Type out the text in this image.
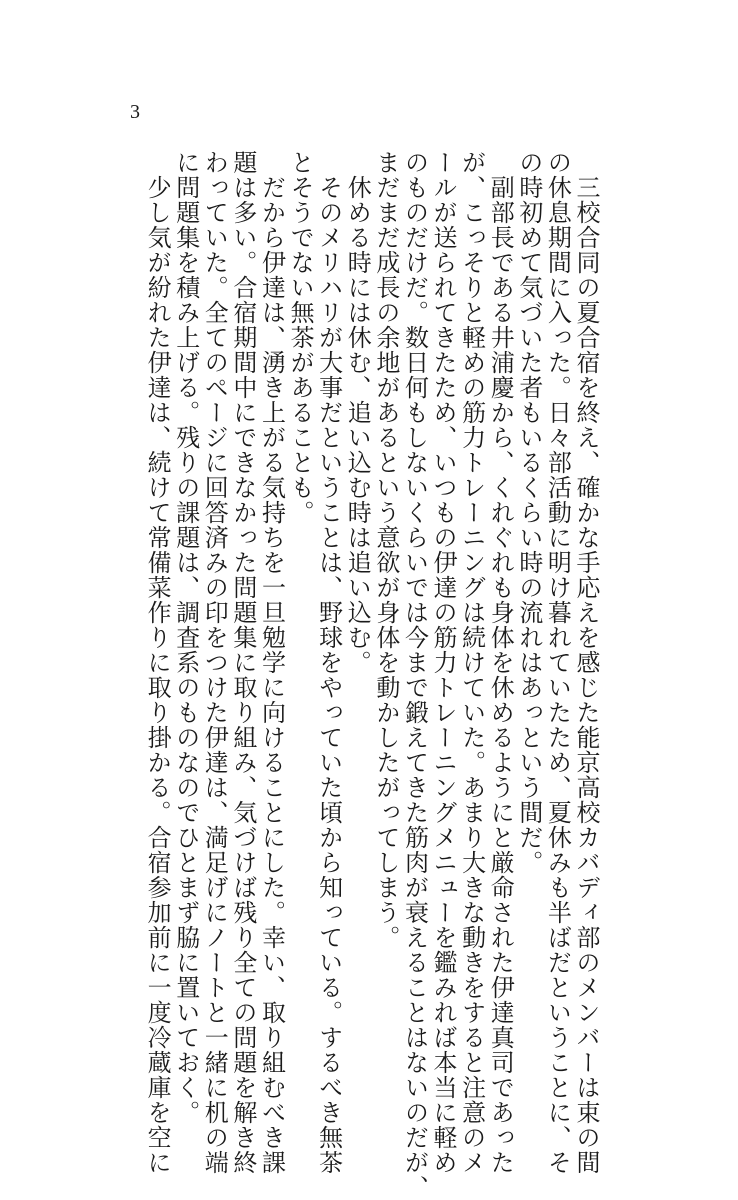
3
　三校合同の夏合宿を終え、確かな手応えを感じた能京高校カバディ部のメンバーは束の間
の休息期間に入った。日々部活動に明け暮れていたため、夏休みも半ばだということに、そ
の時初めて気づいた者もいるくらい時の流れはあっという間だ。
　副部長である井浦慶から、くれぐれも身体を休めるようにと厳命された伊達真司であった
が、こっそりと軽めの筋力トレーニングは続けていた。あまり大きな動きをすると注意のメ
ールが送られてきたため、いつもの伊達の筋力トレーニングメニューを鑑みれば本当に軽め
のものだけだ。数日何もしないくらいでは今まで鍛えてきた筋肉が衰えることはないのだが、
まだまだ成長の余地があるという意欲が身体を動かしたがってしまう。
　休める時には休む、追い込む時は追い込む。
　そのメリハリが大事だということは、野球をやっていた頃から知っている。するべき無茶
とそうでない無茶があることも。
　だから伊達は、湧き上がる気持ちを一旦勉学に向けることにした。幸い、取り組むべき課
題は多い。合宿期間中にできなかった問題集に取り組み、気づけば残り全ての問題を解き終
わっていた。全てのページに回答済みの印をつけた伊達は、満足げにノートと一緒に机の端
に問題集を積み上げる。残りの課題は、調査系のものなのでひとまず脇に置いておく。
　少し気が紛れた伊達は、続けて常備菜作りに取り掛かる。合宿参加前に一度冷蔵庫を空に
